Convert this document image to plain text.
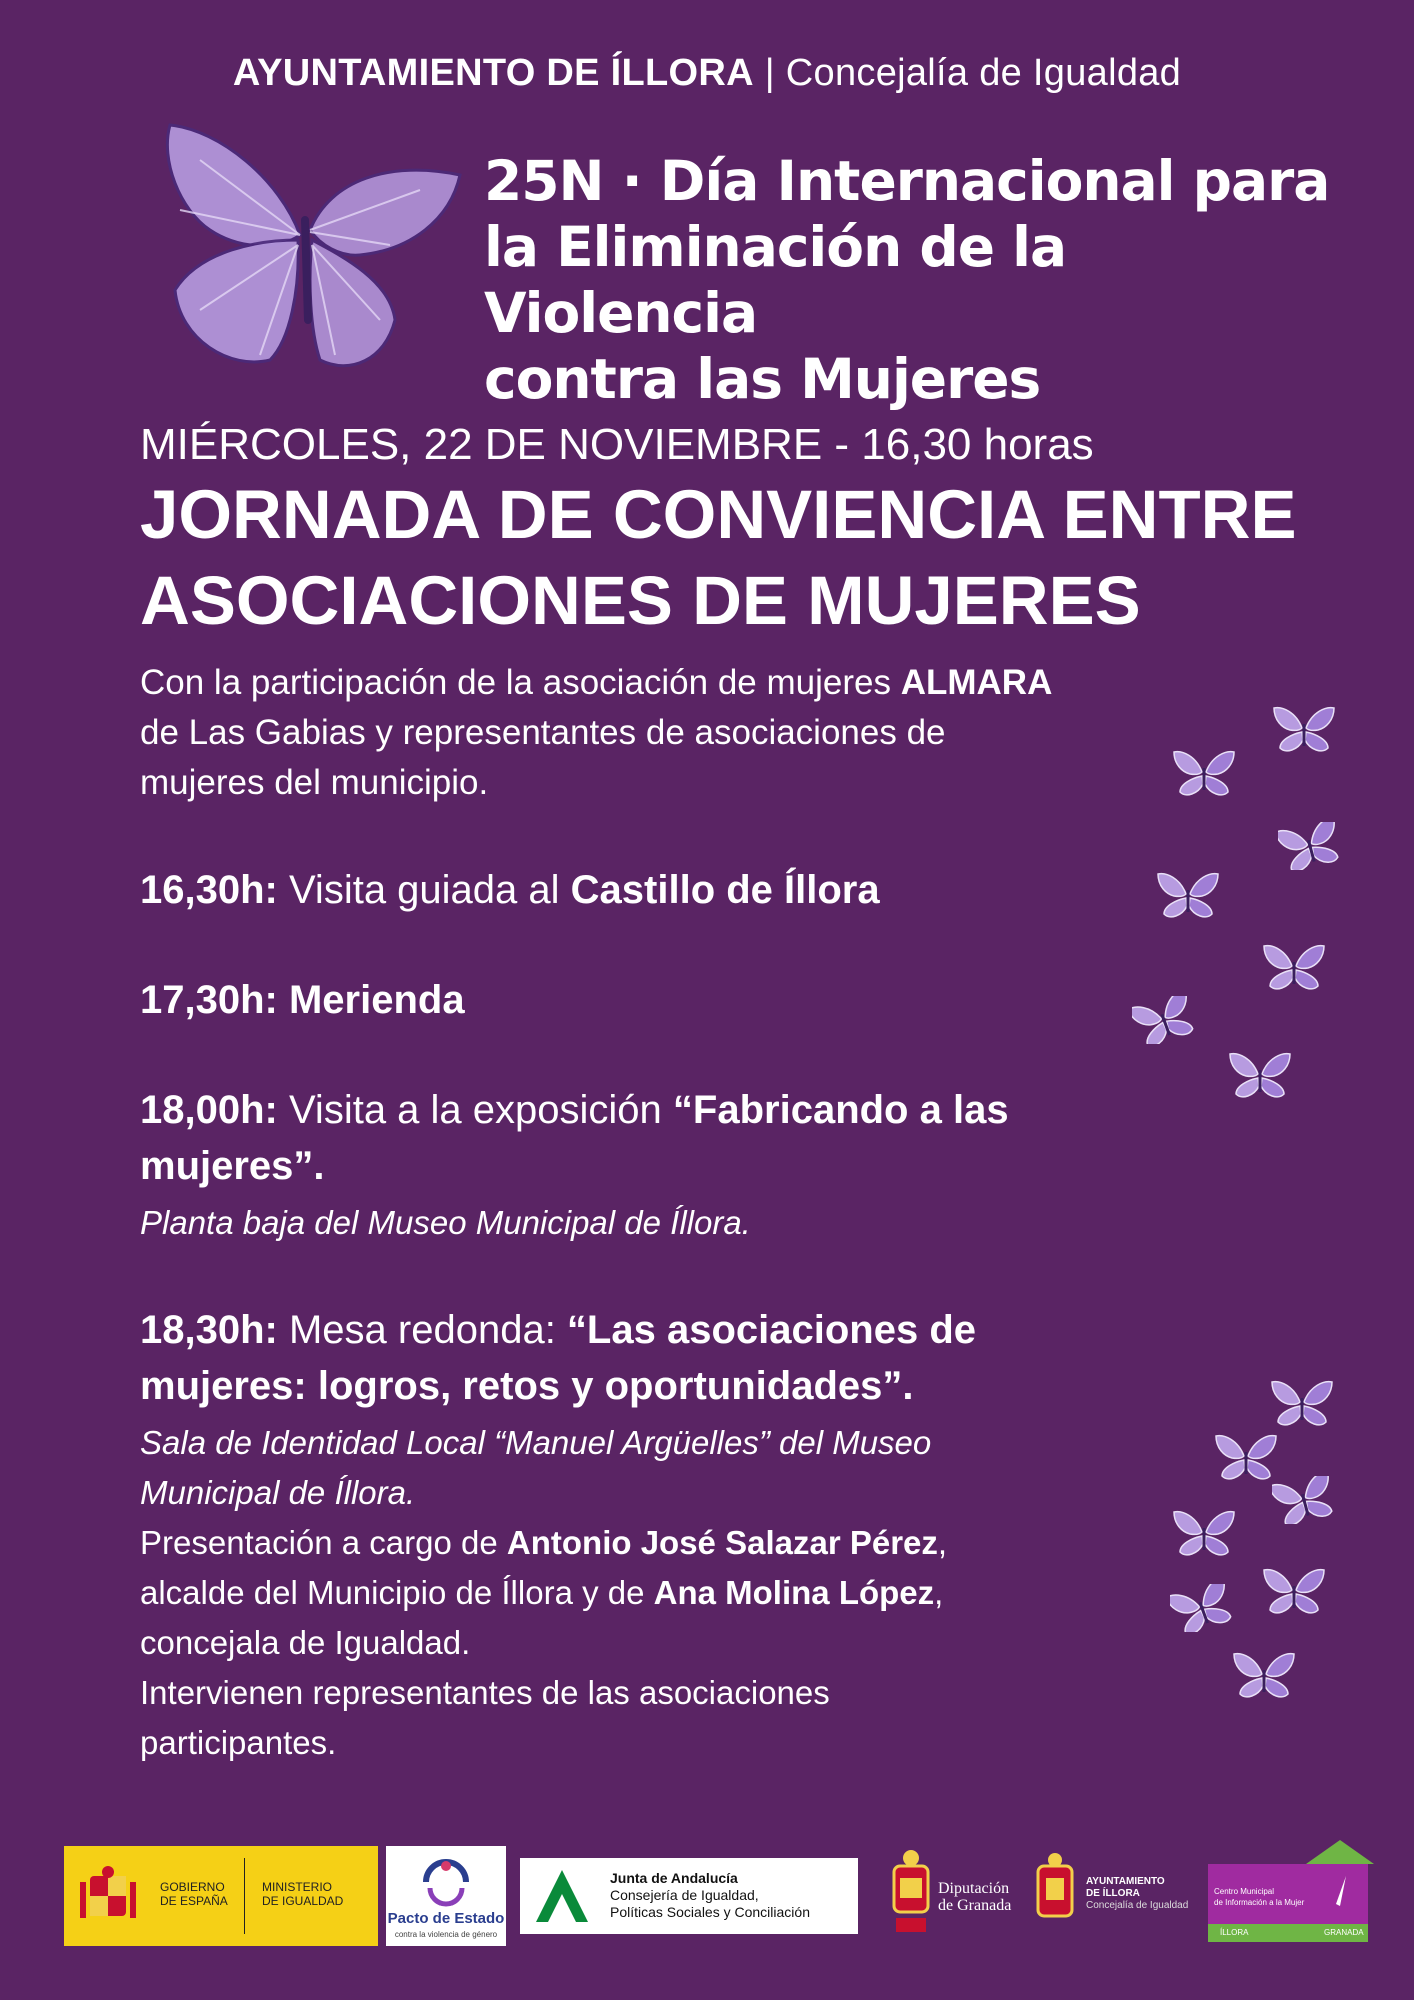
AYUNTAMIENTO DE ÍLLORA | Concejalía de Igualdad
25N · Día Internacional para
la Eliminación de la Violencia
contra las Mujeres
MIÉRCOLES, 22 DE NOVIEMBRE - 16,30 horas
JORNADA DE CONVIENCIA ENTRE
ASOCIACIONES DE MUJERES
Con la participación de la asociación de mujeres ALMARA
de Las Gabias y representantes de asociaciones de
mujeres del municipio.
16,30h: Visita guiada al Castillo de Íllora
17,30h: Merienda
18,00h: Visita a la exposición “Fabricando a las
mujeres”.
Planta baja del Museo Municipal de Íllora.
18,30h: Mesa redonda: “Las asociaciones de
mujeres: logros, retos y oportunidades”.
Sala de Identidad Local “Manuel Argüelles” del Museo
Municipal de Íllora.
Presentación a cargo de Antonio José Salazar Pérez,
alcalde del Municipio de Íllora y de Ana Molina López,
concejala de Igualdad.
Intervienen representantes de las asociaciones
participantes.
GOBIERNO
DE ESPAÑA
MINISTERIO
DE IGUALDAD
Pacto de Estado
contra la violencia de género
Junta de Andalucía
Consejería de Igualdad,
Políticas Sociales y Conciliación
Diputación
de Granada
AYUNTAMIENTO
DE ÍLLORA
Concejalía de Igualdad
Centro Municipal
de Información a la Mujer
ÍLLORA	GRANADA
